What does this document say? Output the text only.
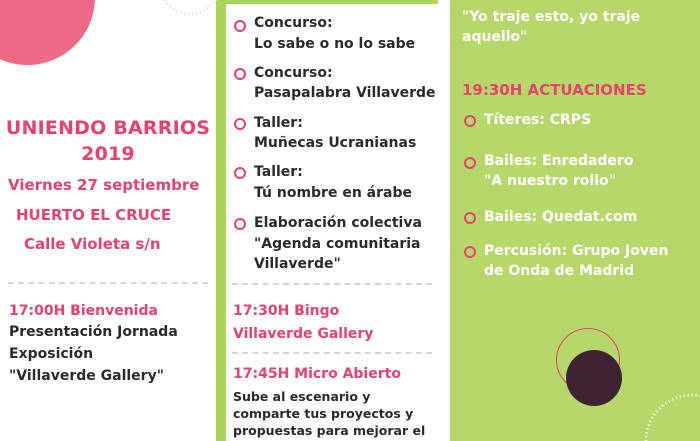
UNIENDO BARRIOS
2019
Viernes 27 septiembre
HUERTO EL CRUCE
Calle Violeta s/n
17:00H Bienvenida
Presentación Jornada
Exposición
"Villaverde Gallery"
Concurso:
Lo sabe o no lo sabe
Concurso:
Pasapalabra Villaverde
Taller:
Muñecas Ucranianas
Taller:
Tú nombre en árabe
Elaboración colectiva
"Agenda comunitaria
Villaverde"
17:30H Bingo
Villaverde Gallery
17:45H Micro Abierto
Sube al escenario y
comparte tus proyectos y
propuestas para mejorar el
"Yo traje esto, yo traje
aquello"
19:30H ACTUACIONES
Títeres: CRPS
Bailes: Enredadero
"A nuestro rollo"
Bailes: Quedat.com
Percusión: Grupo Joven
de Onda de Madrid
